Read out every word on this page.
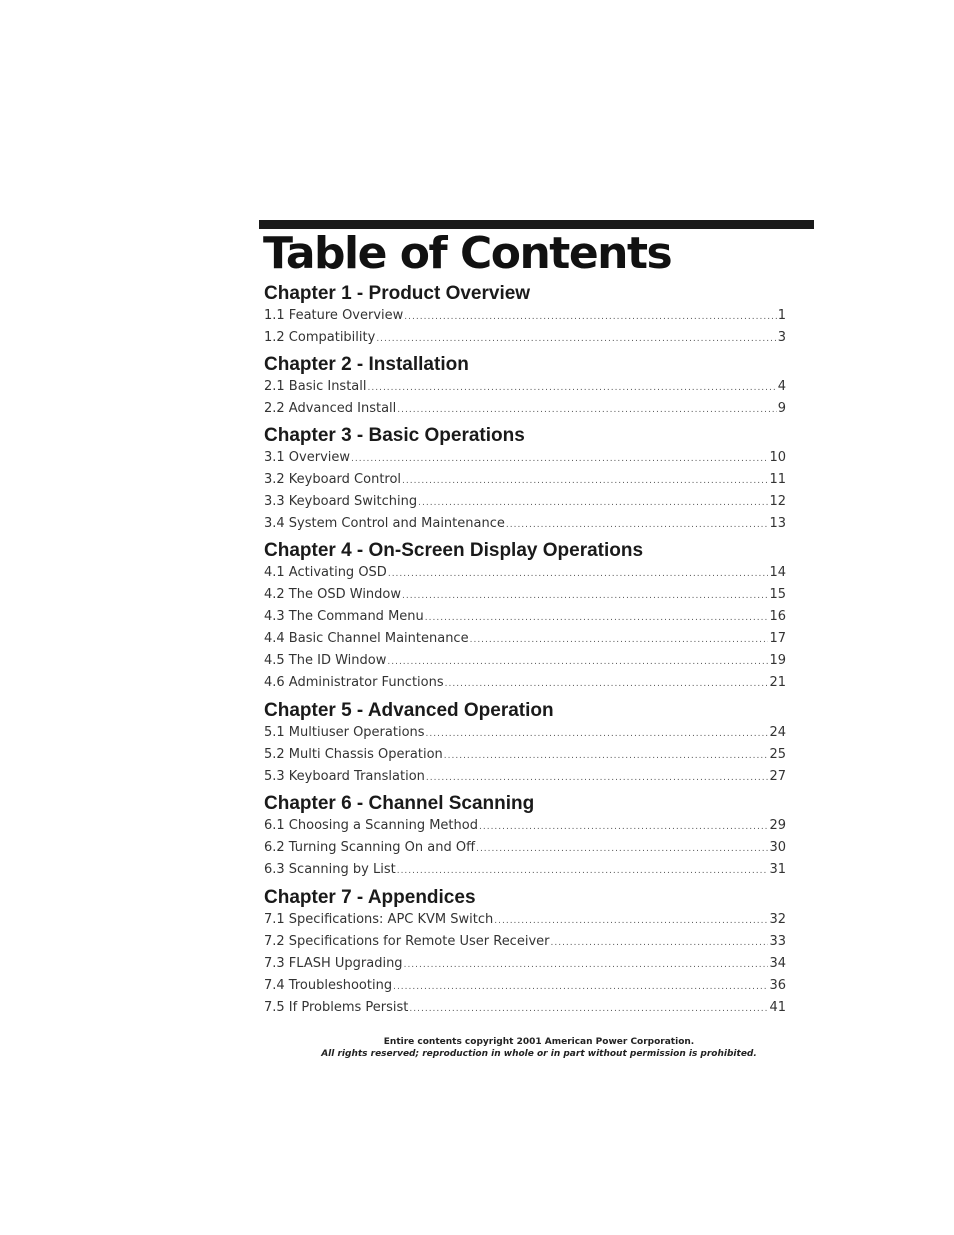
Table of Contents
Chapter 1 - Product Overview
1.1 Feature Overview .....	1
1.2 Compatibility .....	3
Chapter 2 - Installation
2.1 Basic Install .....	4
2.2 Advanced Install .....	9
Chapter 3 - Basic Operations
3.1 Overview .....	10
3.2 Keyboard Control .....	11
3.3 Keyboard Switching .....	12
3.4 System Control and Maintenance .....	13
Chapter 4 - On-Screen Display Operations
4.1 Activating OSD .....	14
4.2 The OSD Window .....	15
4.3 The Command Menu .....	16
4.4 Basic Channel Maintenance .....	17
4.5 The ID Window .....	19
4.6 Administrator Functions .....	21
Chapter 5 - Advanced Operation
5.1 Multiuser Operations .....	24
5.2 Multi Chassis Operation .....	25
5.3 Keyboard Translation .....	27
Chapter 6 - Channel Scanning
6.1 Choosing a Scanning Method .....	29
6.2 Turning Scanning On and Off .....	30
6.3 Scanning by List .....	31
Chapter 7 - Appendices
7.1 Specifications: APC KVM Switch .....	32
7.2 Specifications for Remote User Receiver .....	33
7.3 FLASH Upgrading .....	34
7.4 Troubleshooting .....	36
7.5 If Problems Persist .....	41
Entire contents copyright 2001 American Power Corporation.
All rights reserved; reproduction in whole or in part without permission is prohibited.
